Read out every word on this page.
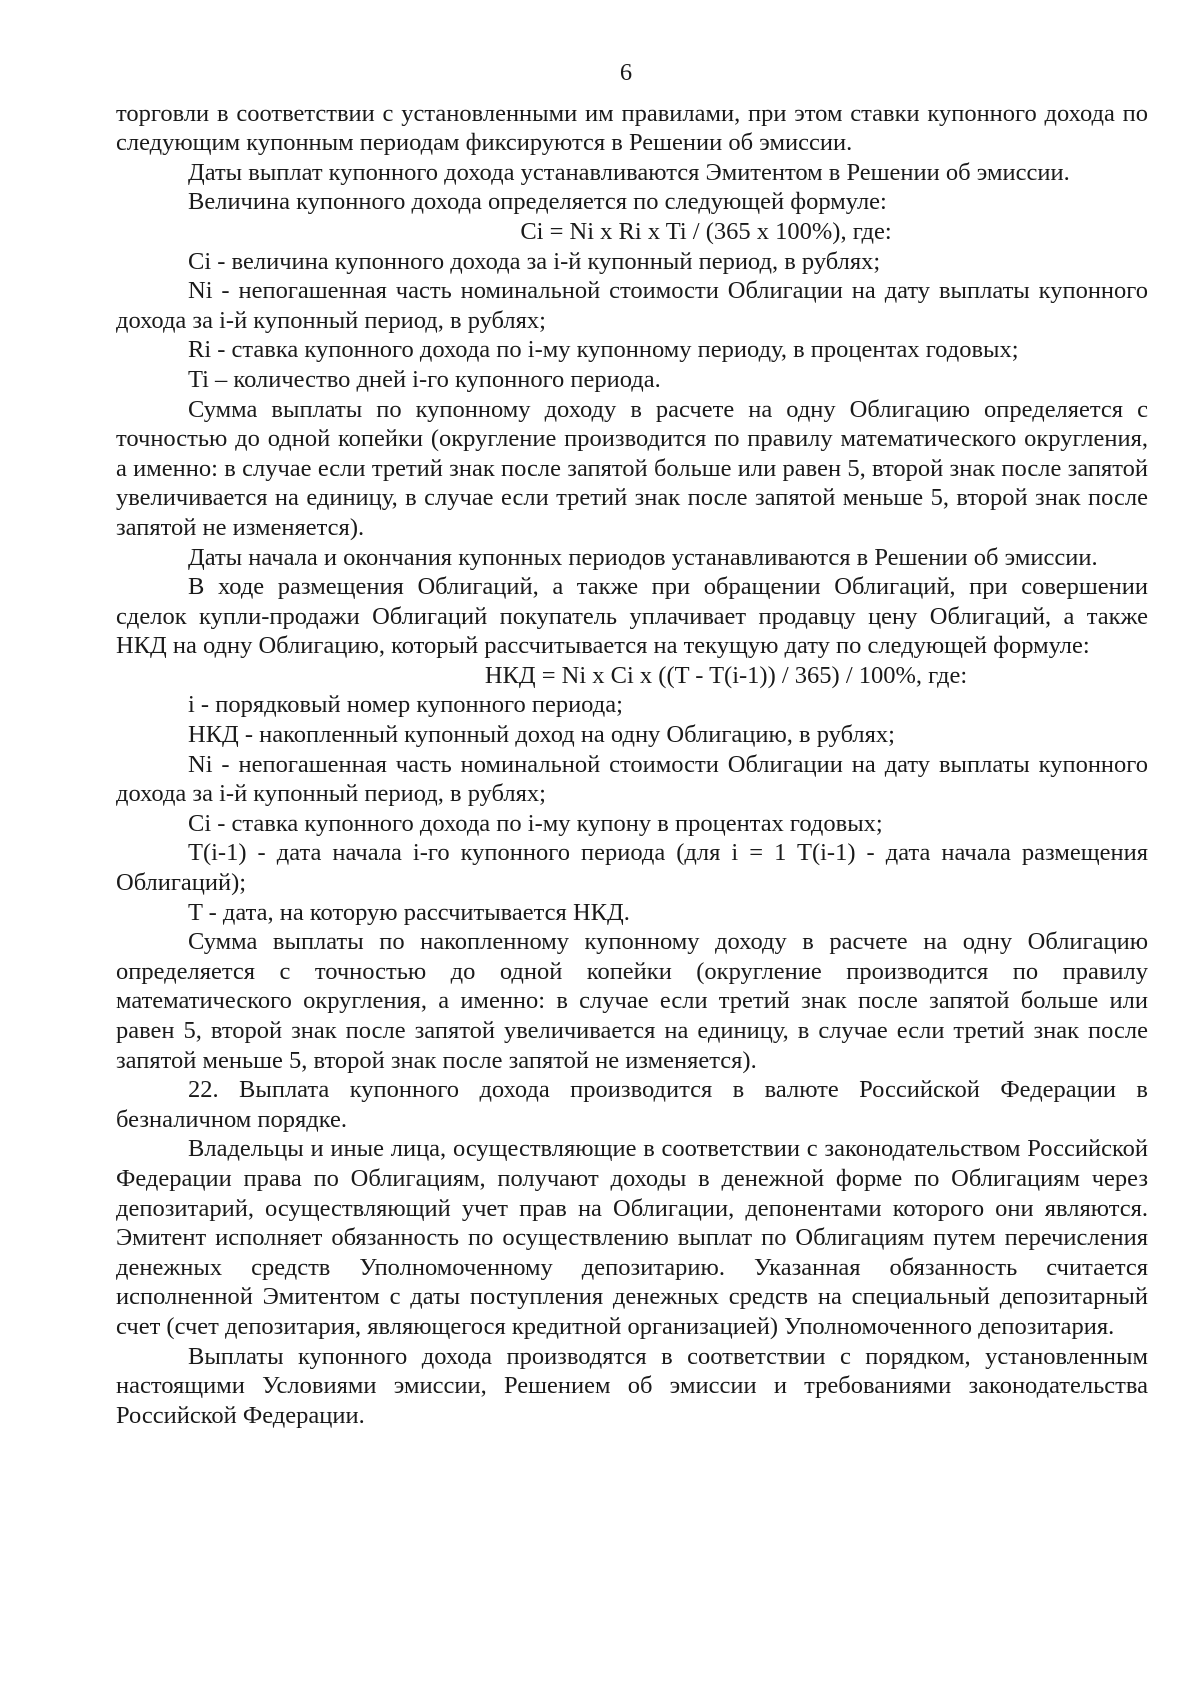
6

торговли в соответствии с установленными им правилами, при этом ставки купонного дохода по следующим купонным периодам фиксируются в Решении об эмиссии.

Даты выплат купонного дохода устанавливаются Эмитентом в Решении об эмиссии.

Величина купонного дохода определяется по следующей формуле:

Ci = Ni x Ri x Ti / (365 x 100%), где:

Ci - величина купонного дохода за i-й купонный период, в рублях;

Ni - непогашенная часть номинальной стоимости Облигации на дату выплаты купонного дохода за i-й купонный период, в рублях;

Ri - ставка купонного дохода по i-му купонному периоду, в процентах годовых;

Ti – количество дней i-го купонного периода.

Сумма выплаты по купонному доходу в расчете на одну Облигацию определяется с точностью до одной копейки (округление производится по правилу математического округления, а именно: в случае если третий знак после запятой больше или равен 5, второй знак после запятой увеличивается на единицу, в случае если третий знак после запятой меньше 5, второй знак после запятой не изменяется).

Даты начала и окончания купонных периодов устанавливаются в Решении об эмиссии.

В ходе размещения Облигаций, а также при обращении Облигаций, при совершении сделок купли-продажи Облигаций покупатель уплачивает продавцу цену Облигаций, а также НКД на одну Облигацию, который рассчитывается на текущую дату по следующей формуле:

НКД = Ni x Ci x ((T - T(i-1)) / 365) / 100%, где:

i - порядковый номер купонного периода;

НКД - накопленный купонный доход на одну Облигацию, в рублях;

Ni - непогашенная часть номинальной стоимости Облигации на дату выплаты купонного дохода за i-й купонный период, в рублях;

Ci - ставка купонного дохода по i-му купону в процентах годовых;

T(i-1) - дата начала i-го купонного периода (для i = 1 T(i-1) - дата начала размещения Облигаций);

T - дата, на которую рассчитывается НКД.

Сумма выплаты по накопленному купонному доходу в расчете на одну Облигацию определяется с точностью до одной копейки (округление производится по правилу математического округления, а именно: в случае если третий знак после запятой больше или равен 5, второй знак после запятой увеличивается на единицу, в случае если третий знак после запятой меньше 5, второй знак после запятой не изменяется).

22. Выплата купонного дохода производится в валюте Российской Федерации в безналичном порядке.

Владельцы и иные лица, осуществляющие в соответствии с законодательством Российской Федерации права по Облигациям, получают доходы в денежной форме по Облигациям через депозитарий, осуществляющий учет прав на Облигации, депонентами которого они являются. Эмитент исполняет обязанность по осуществлению выплат по Облигациям путем перечисления денежных средств Уполномоченному депозитарию. Указанная обязанность считается исполненной Эмитентом с даты поступления денежных средств на специальный депозитарный счет (счет депозитария, являющегося кредитной организацией) Уполномоченного депозитария.

Выплаты купонного дохода производятся в соответствии с порядком, установленным настоящими Условиями эмиссии, Решением об эмиссии и требованиями законодательства Российской Федерации.
